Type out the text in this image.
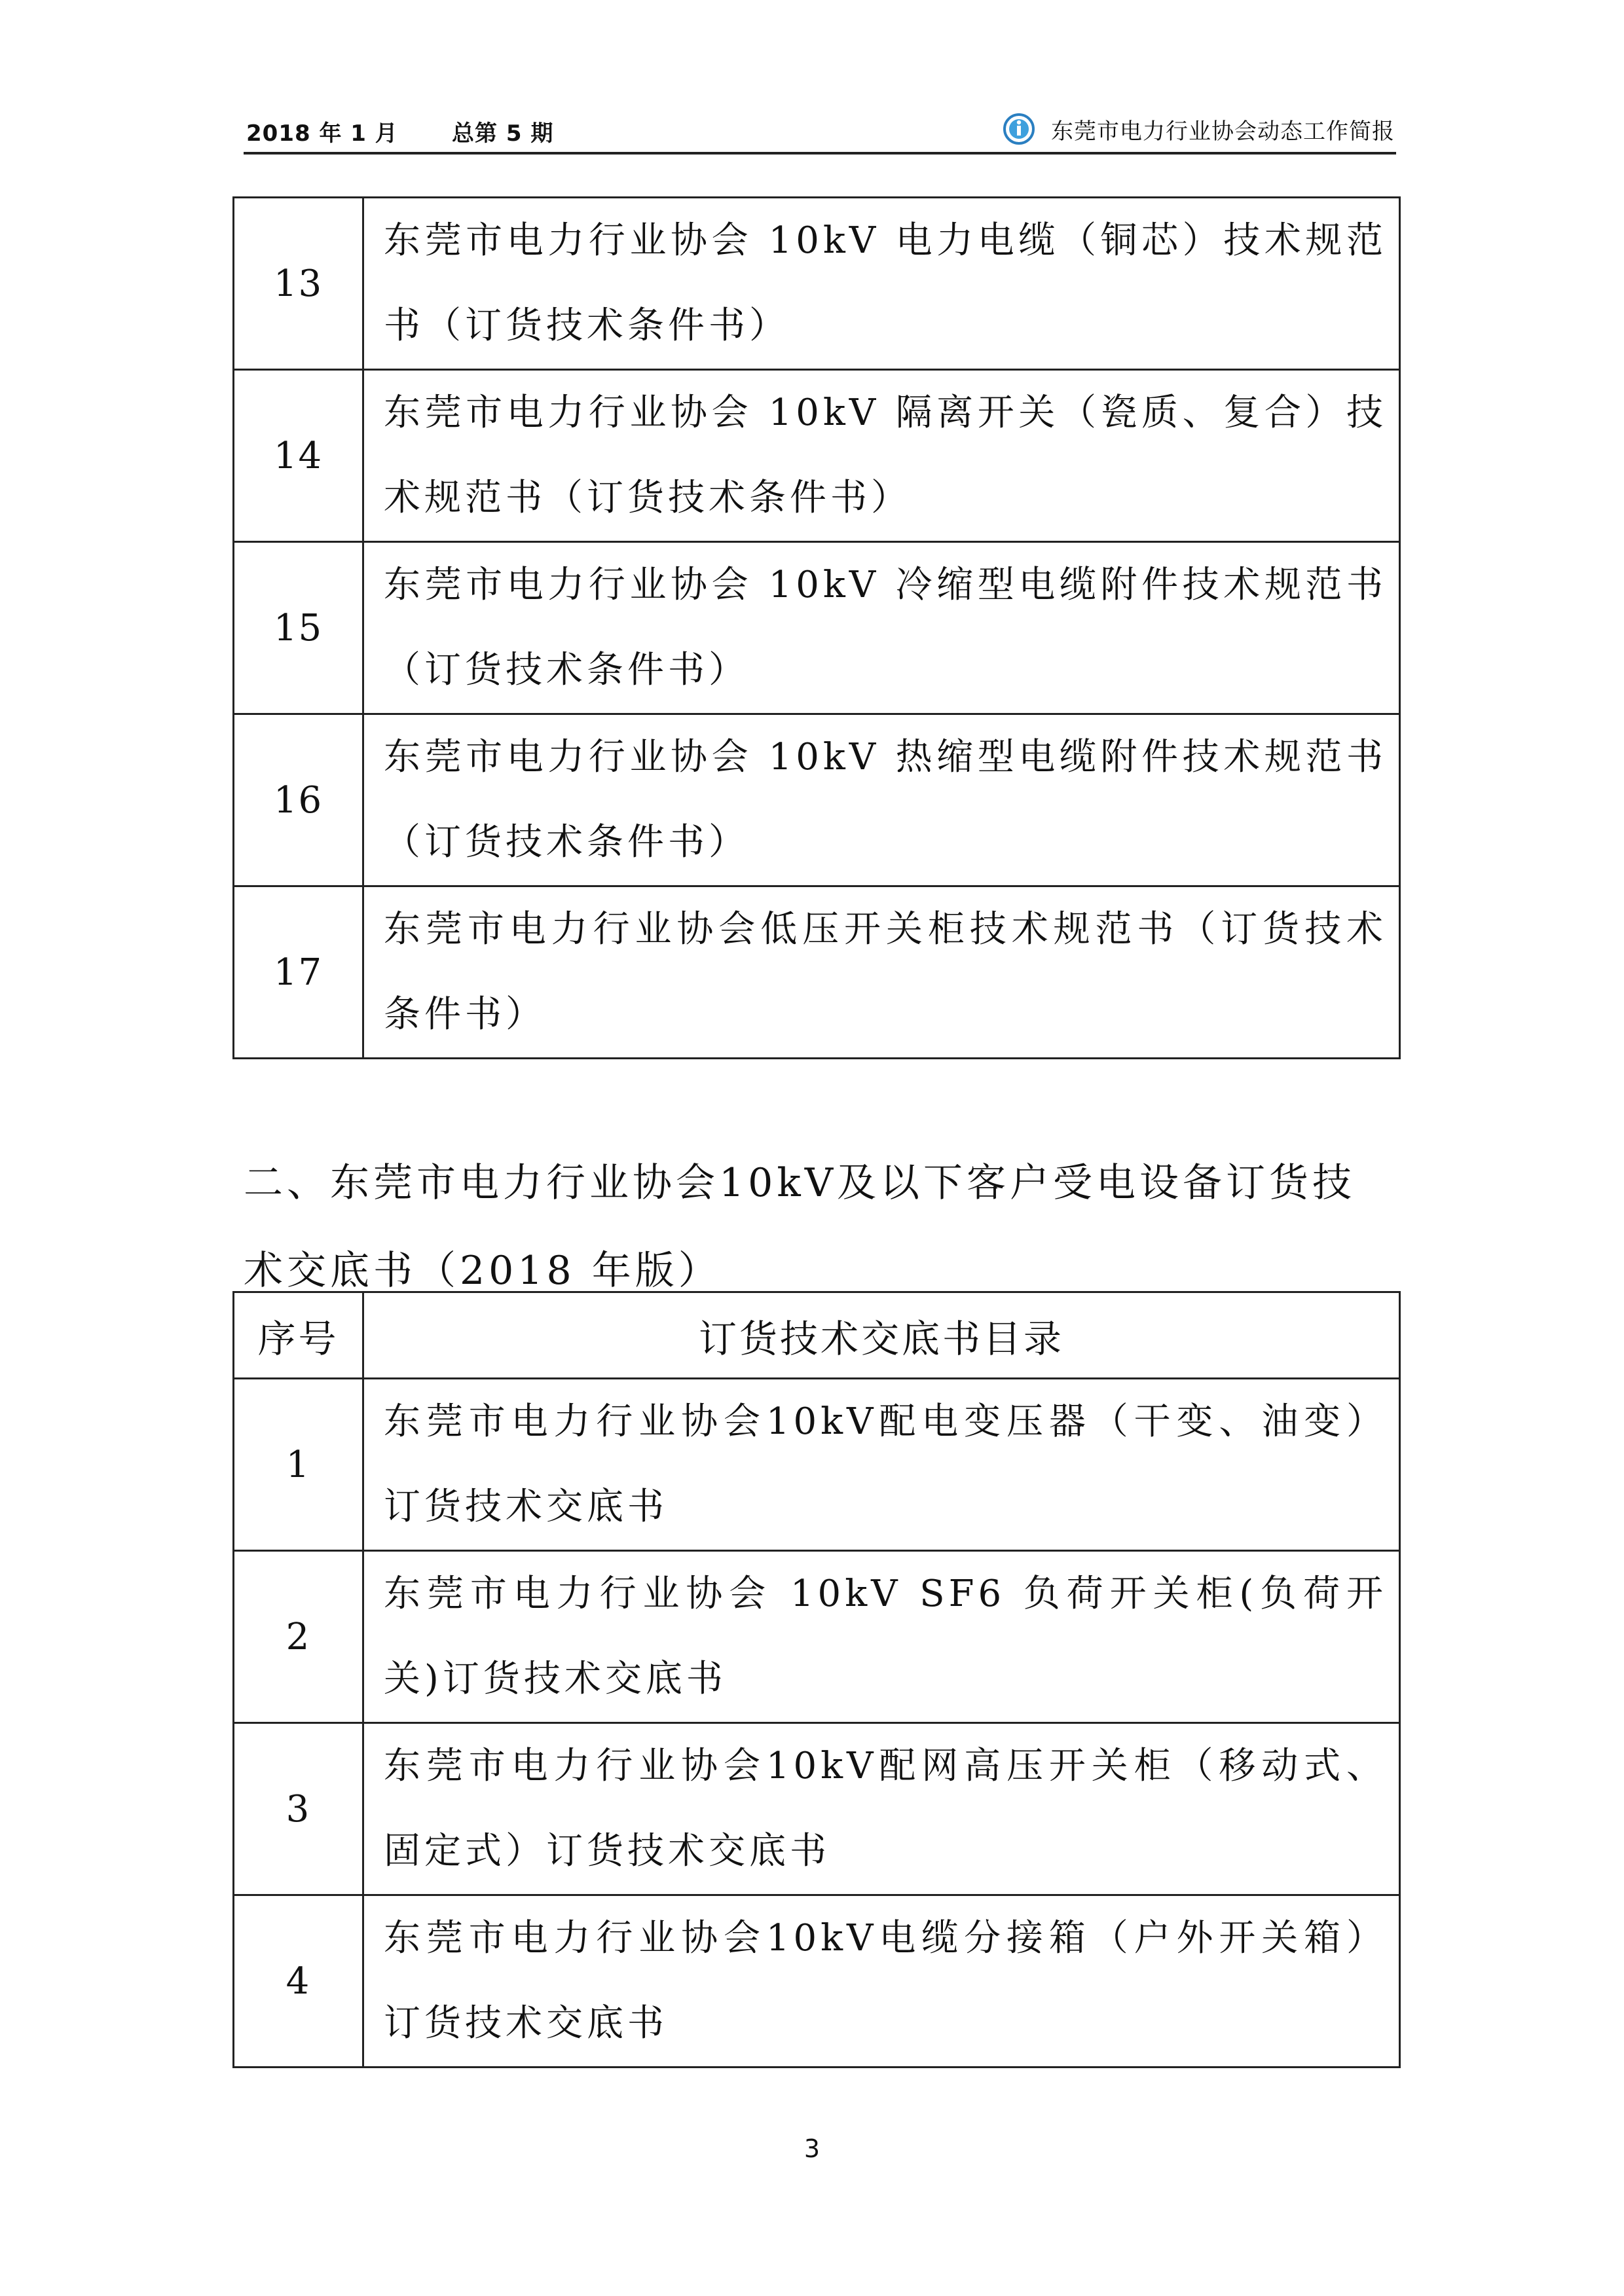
2018 年 1 月 总第 5 期	东莞市电力行业协会动态工作简报
13	东莞市电力行业协会 10kV 电力电缆（铜芯）技术规范书（订货技术条件书）
14	东莞市电力行业协会 10kV 隔离开关（瓷质、复合）技术规范书（订货技术条件书）
15	东莞市电力行业协会 10kV 冷缩型电缆附件技术规范书（订货技术条件书）
16	东莞市电力行业协会 10kV 热缩型电缆附件技术规范书（订货技术条件书）
17	东莞市电力行业协会低压开关柜技术规范书（订货技术条件书）
二、东莞市电力行业协会10kV及以下客户受电设备订货技术交底书（2018 年版）
序号	订货技术交底书目录
1	东莞市电力行业协会10kV配电变压器（干变、油变）订货技术交底书
2	东莞市电力行业协会 10kV SF6 负荷开关柜(负荷开关)订货技术交底书
3	东莞市电力行业协会10kV配网高压开关柜（移动式、固定式）订货技术交底书
4	东莞市电力行业协会10kV电缆分接箱（户外开关箱）订货技术交底书
3
